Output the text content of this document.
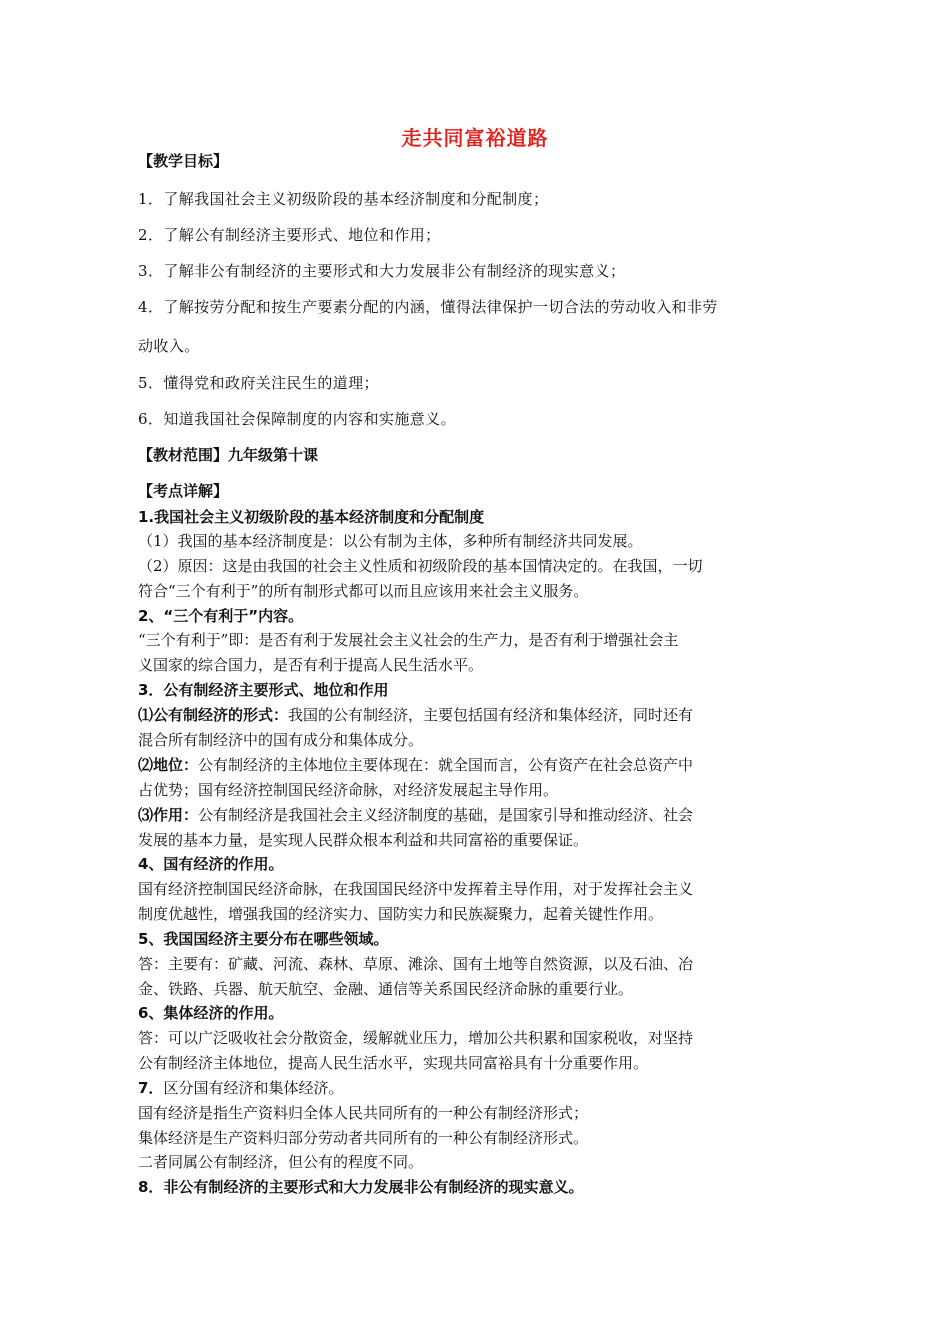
走共同富裕道路
【教学目标】
1．了解我国社会主义初级阶段的基本经济制度和分配制度；
2．了解公有制经济主要形式、地位和作用；
3．了解非公有制经济的主要形式和大力发展非公有制经济的现实意义；
4．了解按劳分配和按生产要素分配的内涵，懂得法律保护一切合法的劳动收入和非劳
动收入。
5．懂得党和政府关注民生的道理；
6．知道我国社会保障制度的内容和实施意义。
【教材范围】九年级第十课
【考点详解】
1.我国社会主义初级阶段的基本经济制度和分配制度
（1）我国的基本经济制度是：以公有制为主体，多种所有制经济共同发展。
（2）原因：这是由我国的社会主义性质和初级阶段的基本国情决定的。在我国，一切
符合“三个有利于”的所有制形式都可以而且应该用来社会主义服务。
2、“三个有利于”内容。
“三个有利于”即：是否有利于发展社会主义社会的生产力，是否有利于增强社会主
义国家的综合国力，是否有利于提高人民生活水平。
3．公有制经济主要形式、地位和作用
⑴公有制经济的形式：我国的公有制经济，主要包括国有经济和集体经济，同时还有
混合所有制经济中的国有成分和集体成分。
⑵地位：公有制经济的主体地位主要体现在：就全国而言，公有资产在社会总资产中
占优势；国有经济控制国民经济命脉，对经济发展起主导作用。
⑶作用：公有制经济是我国社会主义经济制度的基础，是国家引导和推动经济、社会
发展的基本力量，是实现人民群众根本利益和共同富裕的重要保证。
4、国有经济的作用。
国有经济控制国民经济命脉，在我国国民经济中发挥着主导作用，对于发挥社会主义
制度优越性，增强我国的经济实力、国防实力和民族凝聚力，起着关键性作用。
5、我国国经济主要分布在哪些领域。
答：主要有：矿藏、河流、森林、草原、滩涂、国有土地等自然资源，以及石油、冶
金、铁路、兵器、航天航空、金融、通信等关系国民经济命脉的重要行业。
6、集体经济的作用。
答：可以广泛吸收社会分散资金，缓解就业压力，增加公共积累和国家税收，对坚持
公有制经济主体地位，提高人民生活水平，实现共同富裕具有十分重要作用。
7．区分国有经济和集体经济。
国有经济是指生产资料归全体人民共同所有的一种公有制经济形式；
集体经济是生产资料归部分劳动者共同所有的一种公有制经济形式。
二者同属公有制经济，但公有的程度不同。
8．非公有制经济的主要形式和大力发展非公有制经济的现实意义。
